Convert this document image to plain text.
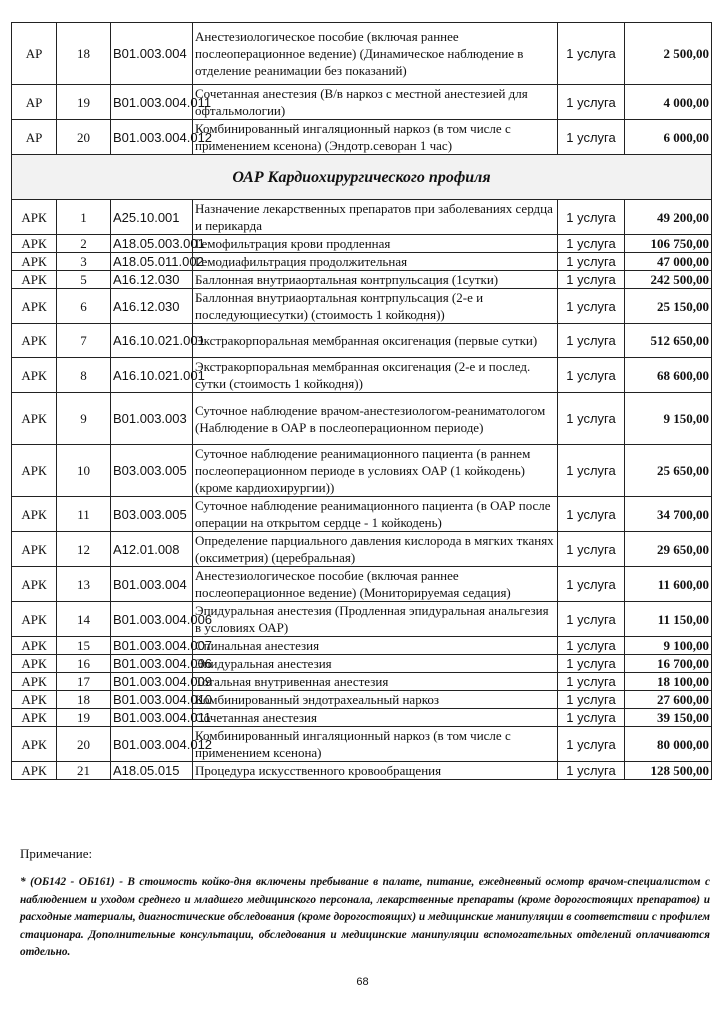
АР	18	B01.003.004	Анестезиологическое пособие (включая раннее послеоперационное ведение) (Динамическое наблюдение в отделение реанимации без показаний)	1 услуга	2 500,00
АР	19	B01.003.004.011	Сочетанная анестезия (В/в наркоз с местной анестезией для офтальмологии)	1 услуга	4 000,00
АР	20	B01.003.004.012	Комбинированный ингаляционный наркоз (в том числе с применением ксенона) (Эндотр.севоран 1 час)	1 услуга	6 000,00
ОАР Кардиохирургического профиля					
АРК	1	A25.10.001	Назначение лекарственных препаратов при заболеваниях сердца и перикарда	1 услуга	49 200,00
АРК	2	A18.05.003.001	Гемофильтрация крови продленная	1 услуга	106 750,00
АРК	3	A18.05.011.002	Гемодиафильтрация продолжительная	1 услуга	47 000,00
АРК	5	A16.12.030	Баллонная внутриаортальная контрпульсация (1сутки)	1 услуга	242 500,00
АРК	6	A16.12.030	Баллонная внутриаортальная контрпульсация (2-е и последующиесутки) (стоимость 1 койкодня))	1 услуга	25 150,00
АРК	7	A16.10.021.001	Экстракорпоральная мембранная оксигенация (первые сутки)	1 услуга	512 650,00
АРК	8	A16.10.021.001	Экстракорпоральная мембранная оксигенация (2-е и послед. сутки (стоимость 1 койкодня))	1 услуга	68 600,00
АРК	9	B01.003.003	Суточное наблюдение врачом-анестезиологом-реаниматологом (Наблюдение в ОАР в послеоперационном периоде)	1 услуга	9 150,00
АРК	10	B03.003.005	Суточное наблюдение реанимационного пациента (в раннем послеоперационном периоде в условиях ОАР (1 койкодень) (кроме кардиохирургии))	1 услуга	25 650,00
АРК	11	B03.003.005	Суточное наблюдение реанимационного пациента (в ОАР после операции на открытом сердце - 1 койкодень)	1 услуга	34 700,00
АРК	12	A12.01.008	Определение парциального давления кислорода в мягких тканях (оксиметрия) (церебральная)	1 услуга	29 650,00
АРК	13	B01.003.004	Анестезиологическое пособие (включая раннее послеоперационное ведение) (Мониторируемая седация)	1 услуга	11 600,00
АРК	14	B01.003.004.006	Эпидуральная анестезия (Продленная эпидуральная анальгезия в условиях ОАР)	1 услуга	11 150,00
АРК	15	B01.003.004.007	Спинальная анестезия	1 услуга	9 100,00
АРК	16	B01.003.004.006	Эпидуральная анестезия	1 услуга	16 700,00
АРК	17	B01.003.004.009	Тотальная внутривенная анестезия	1 услуга	18 100,00
АРК	18	B01.003.004.010	Комбинированный эндотрахеальный наркоз	1 услуга	27 600,00
АРК	19	B01.003.004.011	Сочетанная анестезия	1 услуга	39 150,00
АРК	20	B01.003.004.012	Комбинированный ингаляционный наркоз (в том числе с применением ксенона)	1 услуга	80 000,00
АРК	21	A18.05.015	Процедура искусственного кровообращения	1 услуга	128 500,00
Примечание:
* (ОБ142 - ОБ161) - В стоимость койко-дня включены пребывание в палате, питание, ежедневный осмотр врачом-специалистом с наблюдением и уходом среднего и младшего медицинского персонала, лекарственные препараты (кроме дорогостоящих препаратов) и расходные материалы, диагностические обследования (кроме дорогостоящих) и медицинские манипуляции в соответствии с профилем стационара. Дополнительные консультации, обследования и медицинские манипуляции вспомогательных отделений оплачиваются отдельно.
68
